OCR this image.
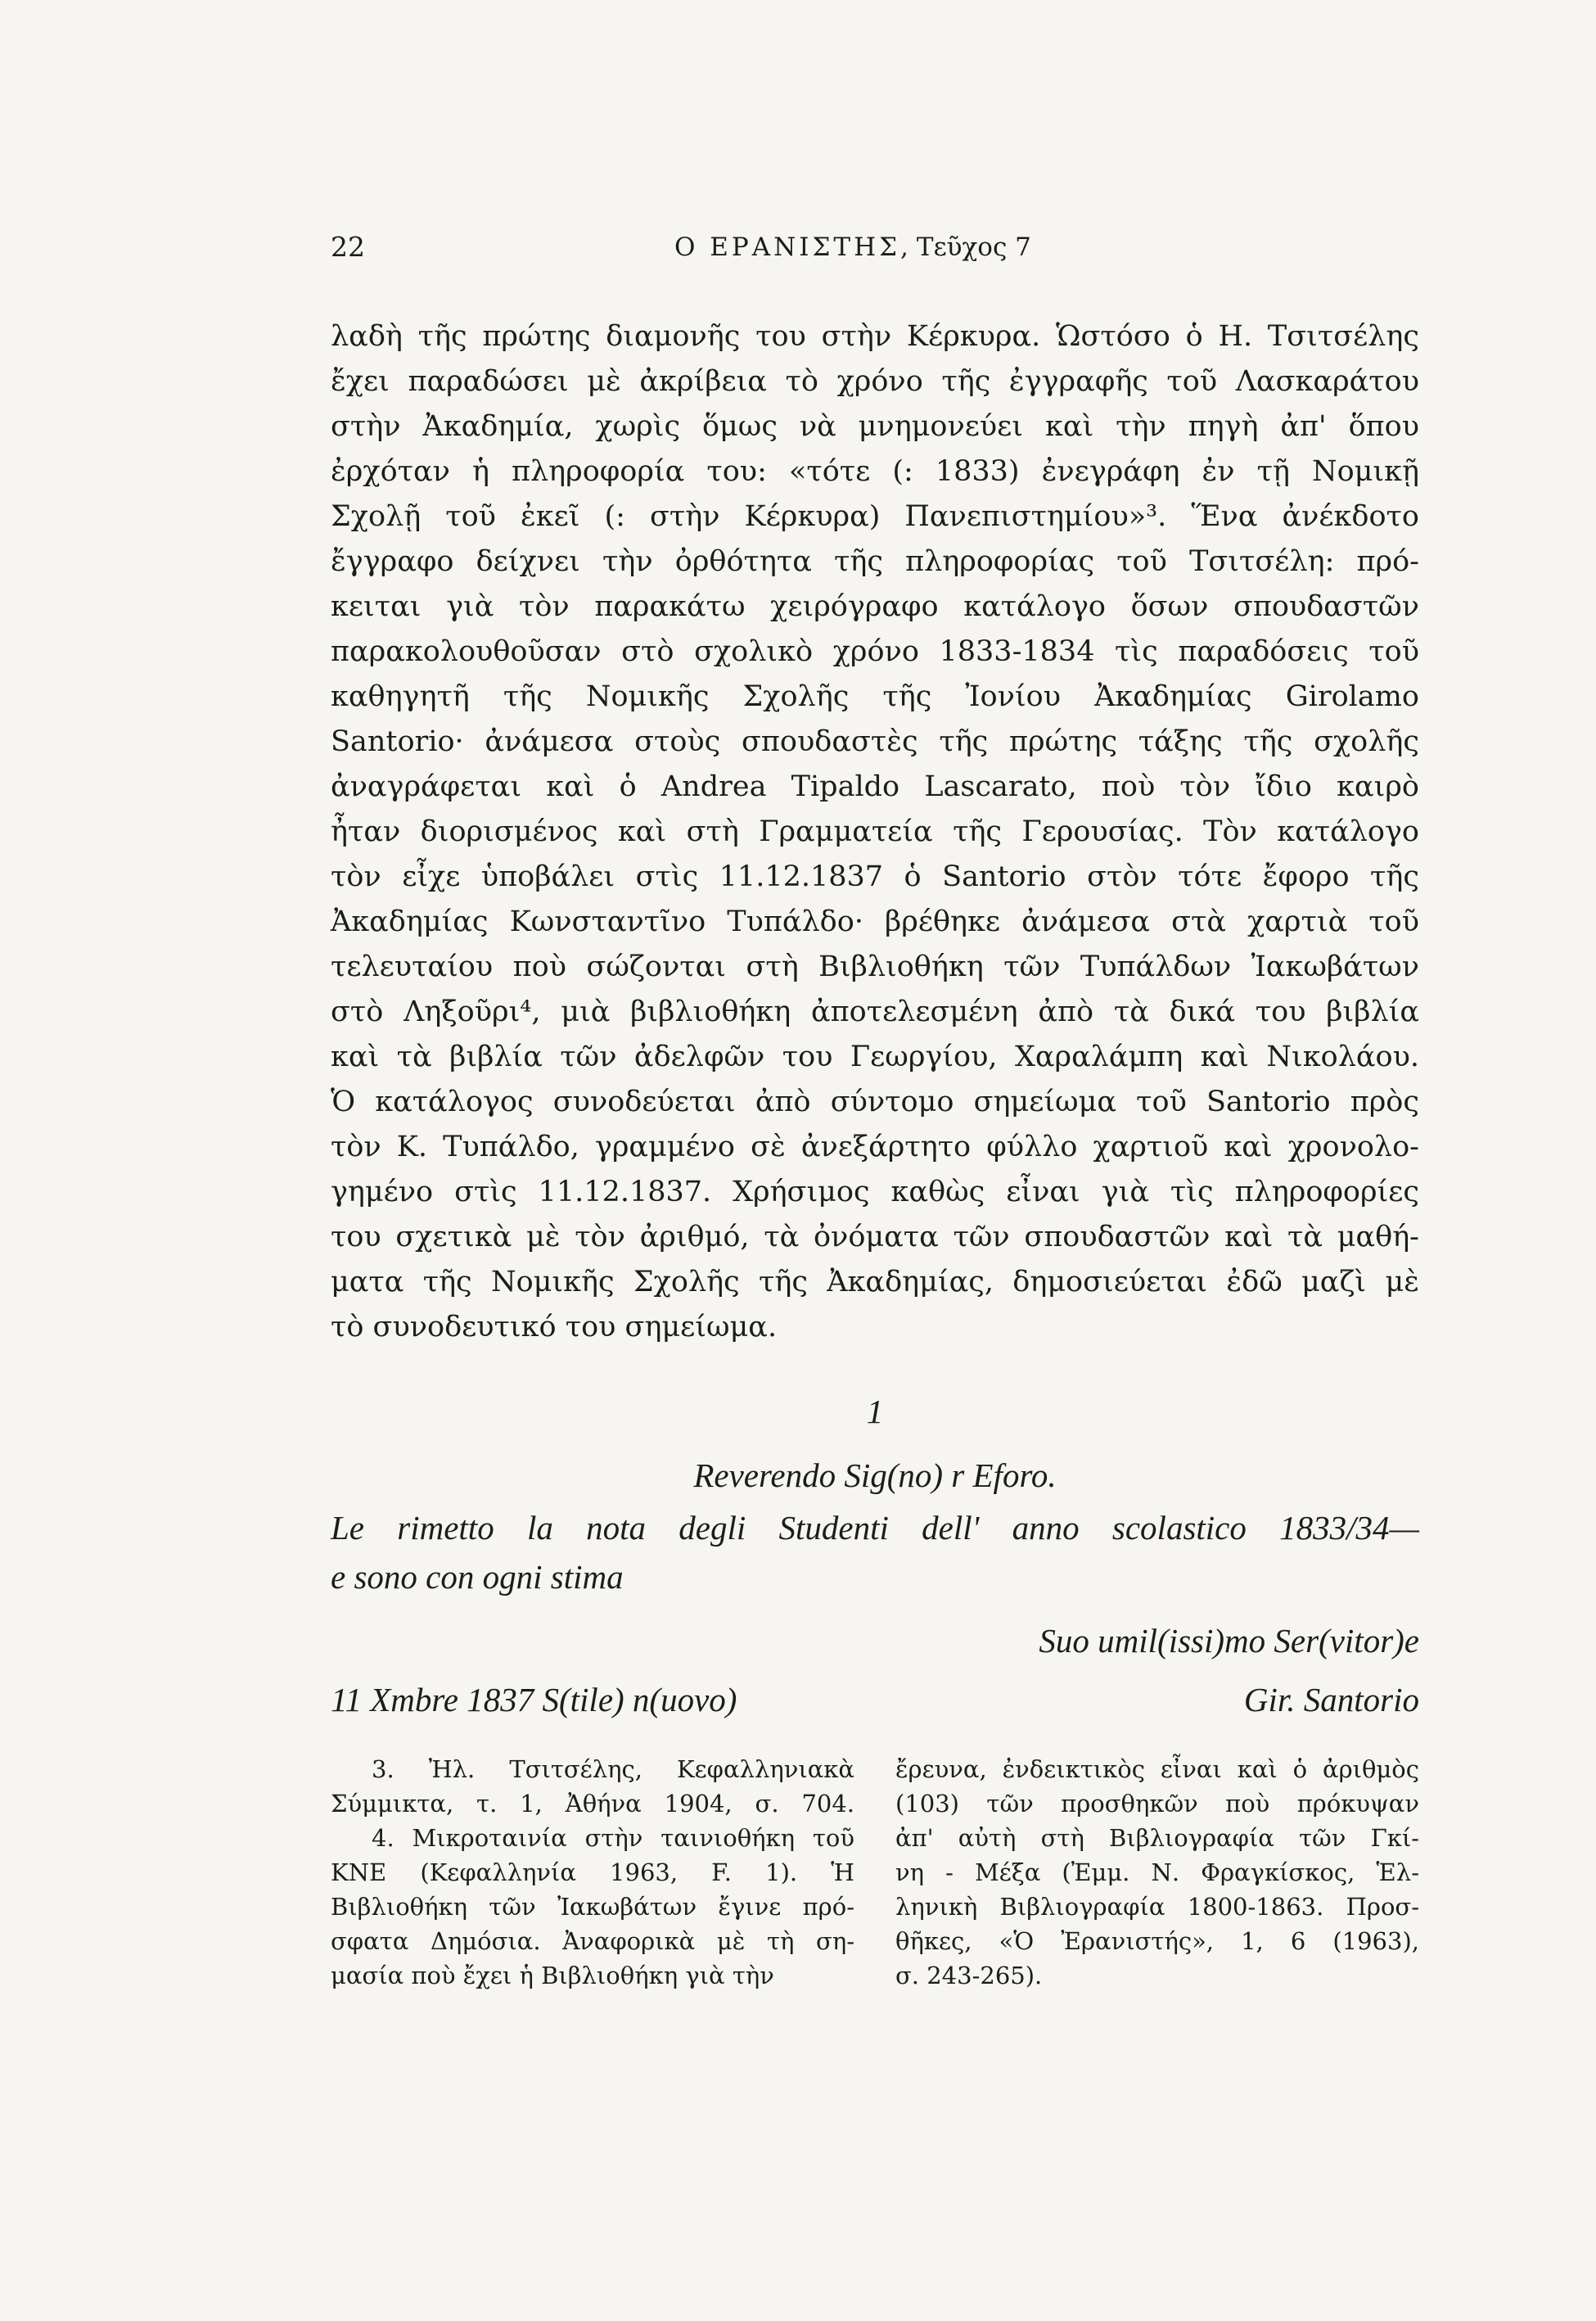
22	Ο ΕΡΑΝΙΣΤΗΣ, Τεῦχος 7
λαδὴ τῆς πρώτης διαμονῆς του στὴν Κέρκυρα. Ὡστόσο ὁ Η. Τσιτσέλης
ἔχει παραδώσει μὲ ἀκρίβεια τὸ χρόνο τῆς ἐγγραφῆς τοῦ Λασκαράτου
στὴν Ἀκαδημία, χωρὶς ὅμως νὰ μνημονεύει καὶ τὴν πηγὴ ἀπ' ὅπου
ἐρχόταν ἡ πληροφορία του: «τότε (: 1833) ἐνεγράφη ἐν τῇ Νομικῇ
Σχολῇ τοῦ ἐκεῖ (: στὴν Κέρκυρα) Πανεπιστημίου»³. Ἕνα ἀνέκδοτο
ἔγγραφο δείχνει τὴν ὀρθότητα τῆς πληροφορίας τοῦ Τσιτσέλη: πρό-
κειται γιὰ τὸν παρακάτω χειρόγραφο κατάλογο ὅσων σπουδαστῶν
παρακολουθοῦσαν στὸ σχολικὸ χρόνο 1833-1834 τὶς παραδόσεις τοῦ
καθηγητῆ τῆς Νομικῆς Σχολῆς τῆς Ἰονίου Ἀκαδημίας Girolamo
Santorio· ἀνάμεσα στοὺς σπουδαστὲς τῆς πρώτης τάξης τῆς σχολῆς
ἀναγράφεται καὶ ὁ Andrea Tipaldo Lascarato, ποὺ τὸν ἴδιο καιρὸ
ἦταν διορισμένος καὶ στὴ Γραμματεία τῆς Γερουσίας. Τὸν κατάλογο
τὸν εἶχε ὑποβάλει στὶς 11.12.1837 ὁ Santorio στὸν τότε ἔφορο τῆς
Ἀκαδημίας Κωνσταντῖνο Τυπάλδο· βρέθηκε ἀνάμεσα στὰ χαρτιὰ τοῦ
τελευταίου ποὺ σώζονται στὴ Βιβλιοθήκη τῶν Τυπάλδων Ἰακωβάτων
στὸ Ληξοῦρι⁴, μιὰ βιβλιοθήκη ἀποτελεσμένη ἀπὸ τὰ δικά του βιβλία
καὶ τὰ βιβλία τῶν ἀδελφῶν του Γεωργίου, Χαραλάμπη καὶ Νικολάου.
Ὁ κατάλογος συνοδεύεται ἀπὸ σύντομο σημείωμα τοῦ Santorio πρὸς
τὸν Κ. Τυπάλδο, γραμμένο σὲ ἀνεξάρτητο φύλλο χαρτιοῦ καὶ χρονολο-
γημένο στὶς 11.12.1837. Χρήσιμος καθὼς εἶναι γιὰ τὶς πληροφορίες
του σχετικὰ μὲ τὸν ἀριθμό, τὰ ὀνόματα τῶν σπουδαστῶν καὶ τὰ μαθή-
ματα τῆς Νομικῆς Σχολῆς τῆς Ἀκαδημίας, δημοσιεύεται ἐδῶ μαζὶ μὲ
τὸ συνοδευτικό του σημείωμα.
1
Reverendo Sig(no) r Eforo.
Le rimetto la nota degli Studenti dell' anno scolastico 1833/34—
e sono con ogni stima
Suo umil(issi)mo Ser(vitor)e
11 Xmbre 1837 S(tile) n(uovo)	Gir. Santorio
3. Ἠλ. Τσιτσέλης, Κεφαλληνιακὰ
Σύμμικτα, τ. 1, Ἀθήνα 1904, σ. 704.
4. Μικροταινία στὴν ταινιοθήκη τοῦ
ΚΝΕ (Κεφαλληνία 1963, F. 1). Ἡ
Βιβλιοθήκη τῶν Ἰακωβάτων ἔγινε πρό-
σφατα Δημόσια. Ἀναφορικὰ μὲ τὴ ση-
μασία ποὺ ἔχει ἡ Βιβλιοθήκη γιὰ τὴν
ἔρευνα, ἐνδεικτικὸς εἶναι καὶ ὁ ἀριθμὸς
(103) τῶν προσθηκῶν ποὺ πρόκυψαν
ἀπ' αὐτὴ στὴ Βιβλιογραφία τῶν Γκί-
νη - Μέξα (Ἐμμ. Ν. Φραγκίσκος, Ἑλ-
ληνικὴ Βιβλιογραφία 1800-1863. Προσ-
θῆκες, «Ὁ Ἐρανιστής», 1, 6 (1963),
σ. 243-265).
